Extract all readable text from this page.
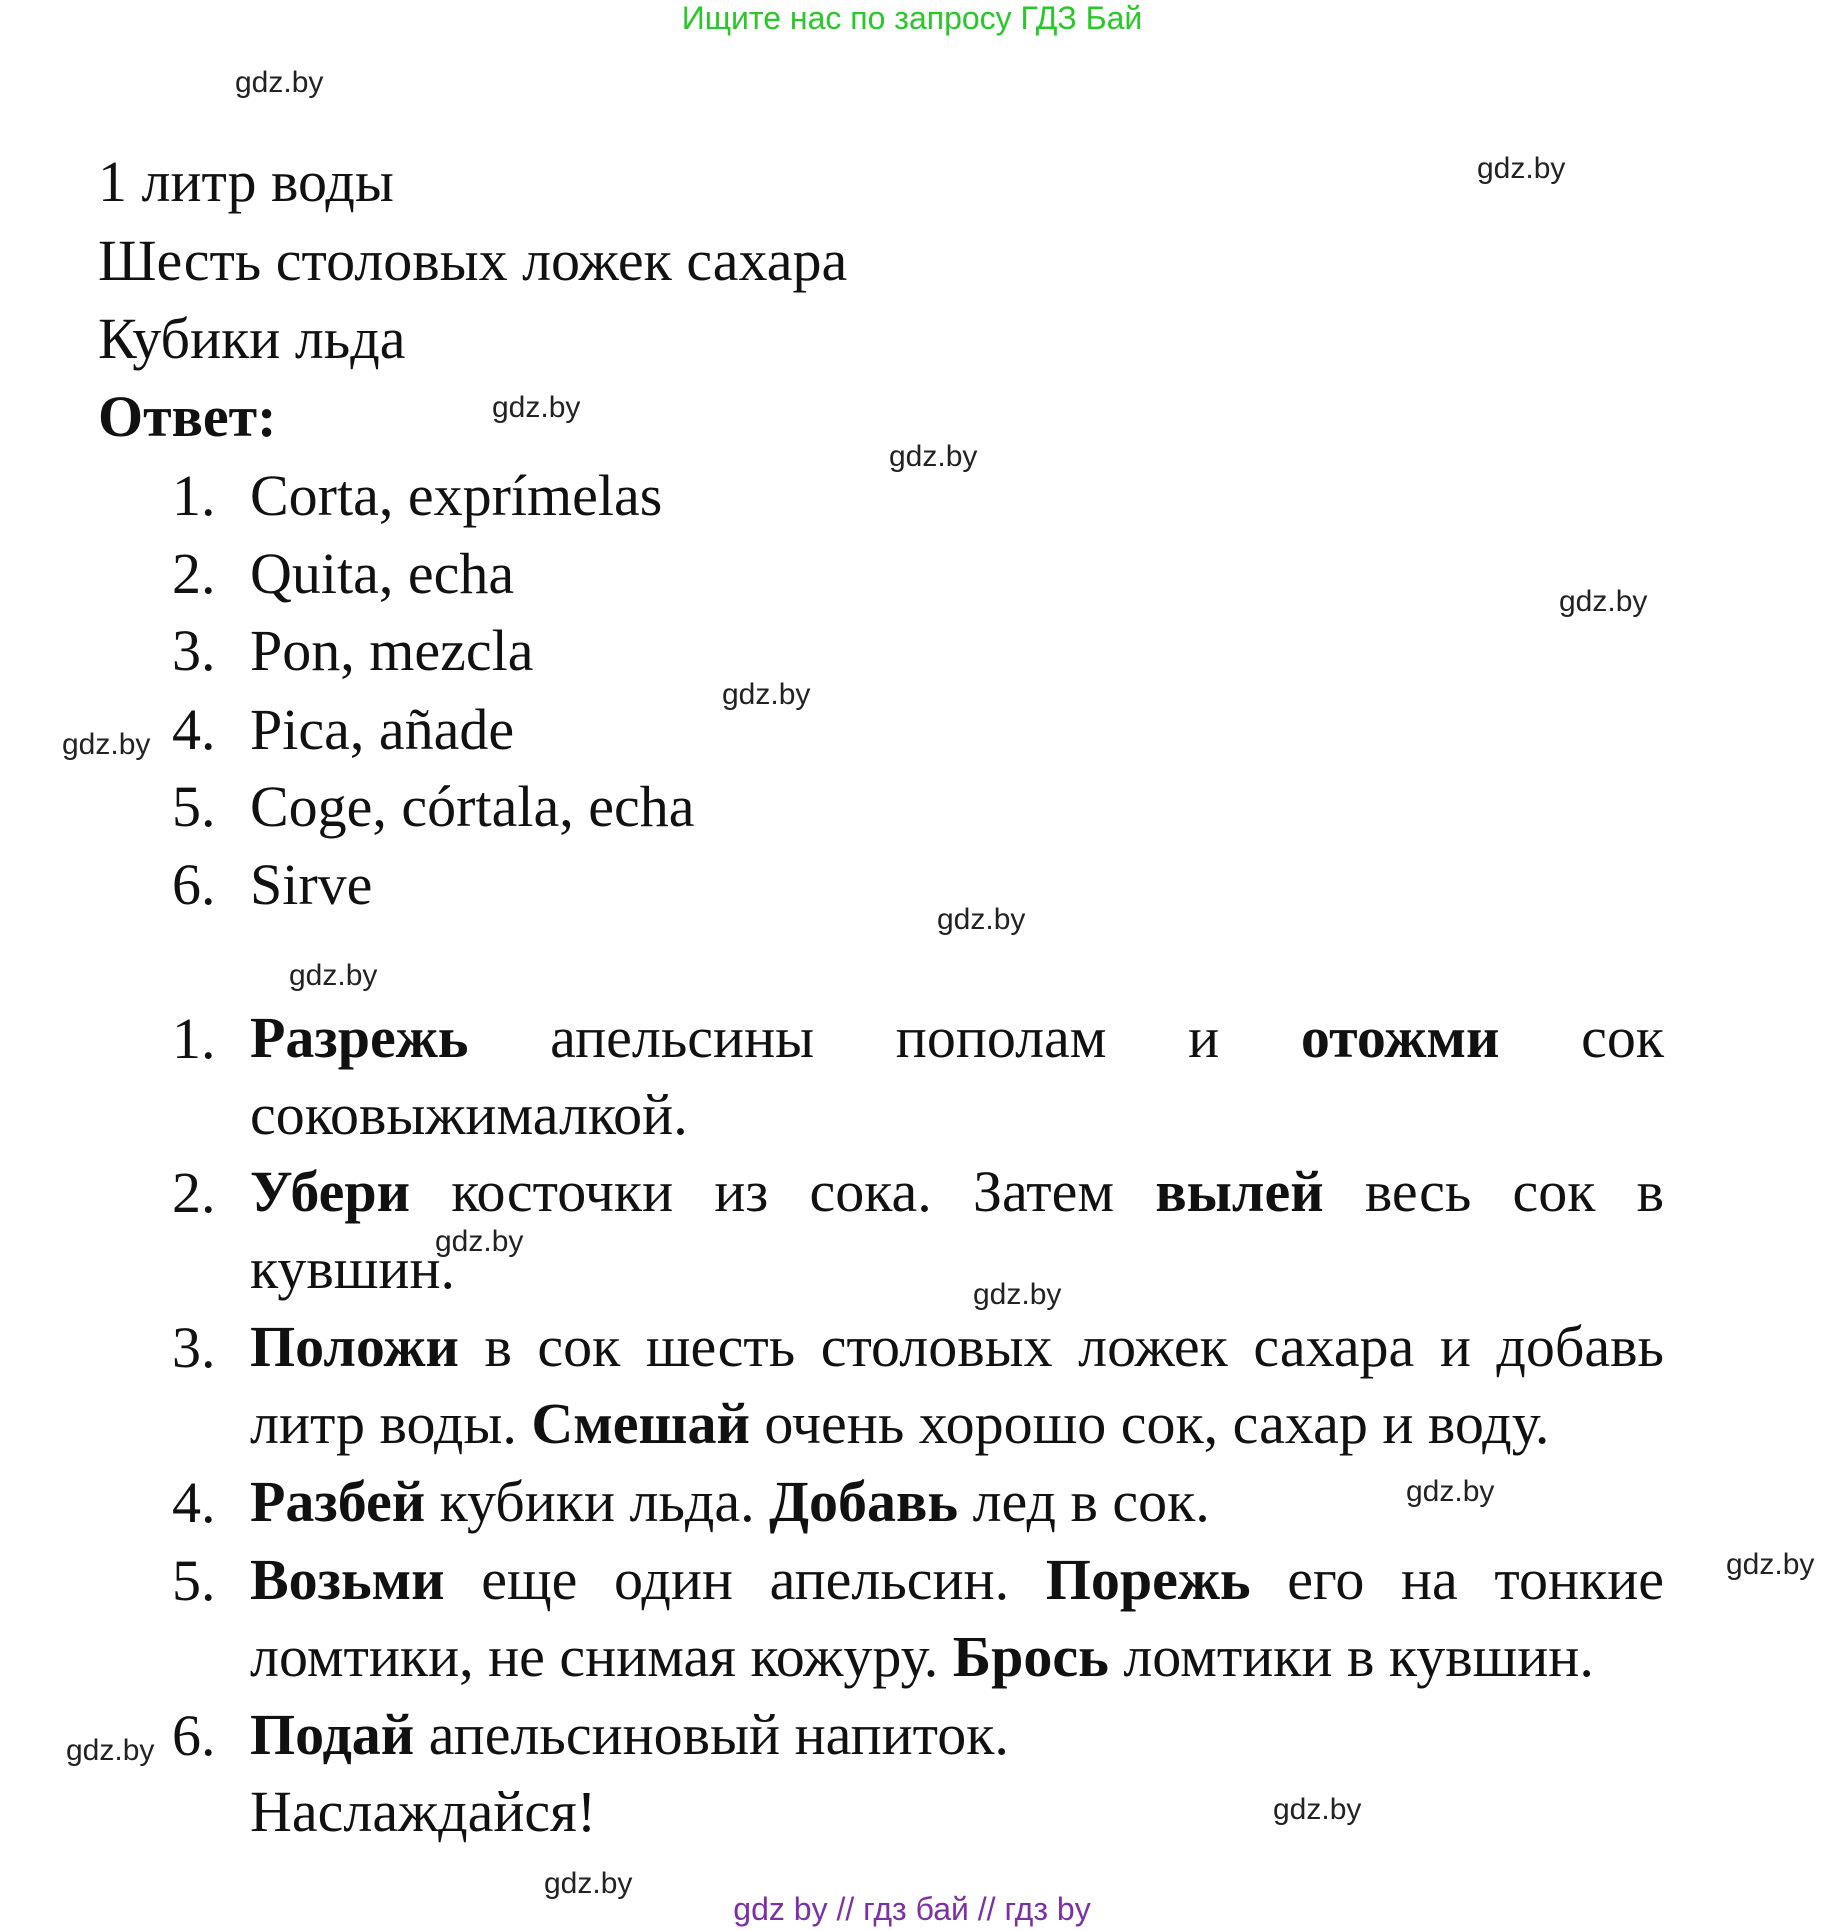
Ищите нас по запросу ГДЗ Бай
1 литр воды
Шесть столовых ложек сахара
Кубики льда
Ответ:
1. Corta, exprímelas
2. Quita, echa
3. Pon, mezcla
4. Pica, añade
5. Coge, córtala, echa
6. Sirve
1. Разрежь апельсины пополам и отожми сок соковыжималкой.
2. Убери косточки из сока. Затем вылей весь сок в кувшин.
3. Положи в сок шесть столовых ложек сахара и добавь литр воды. Смешай очень хорошо сок, сахар и воду.
4. Разбей кубики льда. Добавь лед в сок.
5. Возьми еще один апельсин. Порежь его на тонкие ломтики, не снимая кожуру. Брось ломтики в кувшин.
6. Подай апельсиновый напиток.
Наслаждайся!
gdz.by
gdz.by
gdz.by
gdz.by
gdz.by
gdz.by
gdz.by
gdz.by
gdz.by
gdz.by
gdz.by
gdz.by
gdz.by
gdz.by
gdz.by
gdz.by
gdz by // гдз бай // гдз by
